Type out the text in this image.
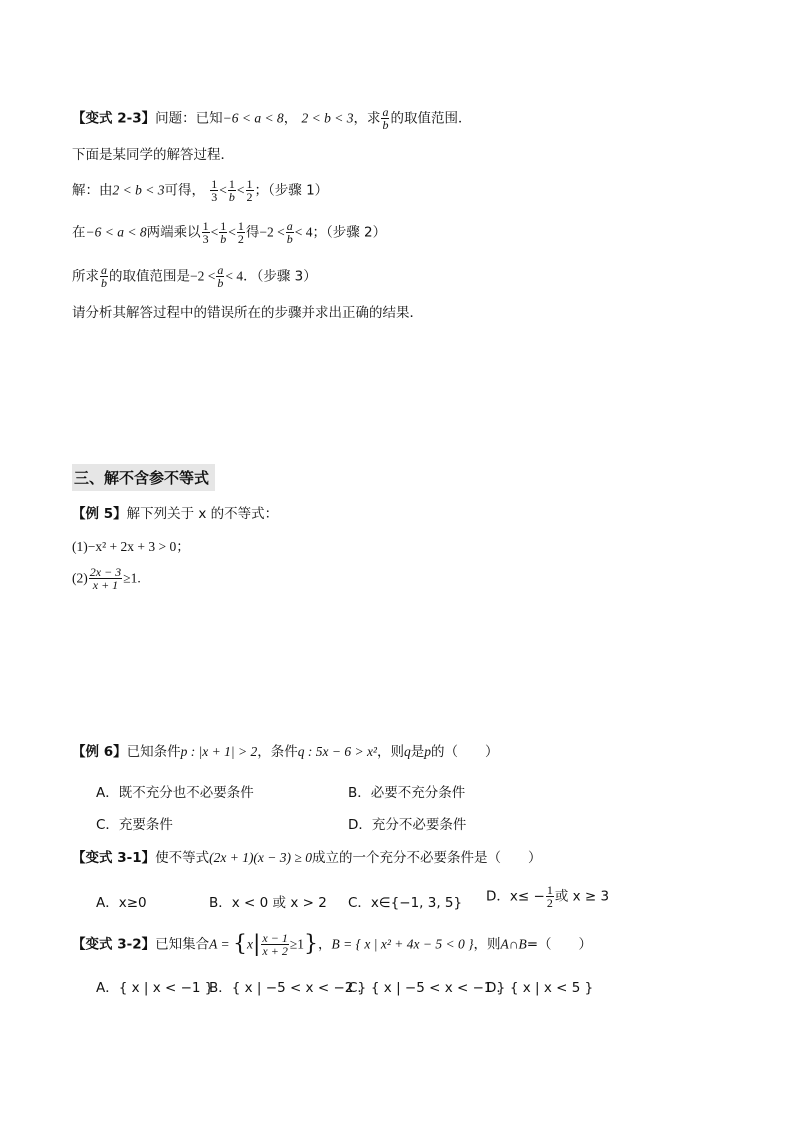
【变式 2-3】问题：已知−6 < a < 8， 2 < b < 3，求 $\frac{a}{b}$ 的取值范围．
下面是某同学的解答过程．
解：由2 < b < 3可得， $\frac{1}{3} < \frac{1}{b} < \frac{1}{2}$ ；（步骤 1）
在−6 < a < 8两端乘以 $\frac{1}{3} < \frac{1}{b} < \frac{1}{2}$ 得$-2 < \frac{a}{b} < 4$；（步骤 2）
所求 $\frac{a}{b}$ 的取值范围是$-2 < \frac{a}{b} < 4$．（步骤 3）
请分析其解答过程中的错误所在的步骤并求出正确的结果．
三、解不含参不等式
【例 5】解下列关于 x 的不等式：
(1)−x² + 2x + 3 > 0；
$(2) \frac{2x - 3}{x + 1} \ge 1$.
【例 6】已知条件p : |x + 1| > 2，条件q : 5x − 6 > x²，则q是p的（　　）
A．既不充分也不必要条件	B．必要不充分条件
C．充要条件	D．充分不必要条件
【变式 3-1】使不等式(2x + 1)(x − 3) ≥ 0成立的一个充分不必要条件是（　　）
A．x≥0	B．x < 0 或 x > 2 C．x∈{−1, 3, 5} D．$x\le - \frac{1}{2}$ 或 x ≥ 3
【变式 3-2】已知集合$A = \{x| \frac{x - 1}{x + 2} \ge 1\}$，B = { x | x² + 4x − 5 < 0 }，则A∩B=（　　）
A．{ x | x < −1 }
B．{ x | −5 < x < −2 }
C．{ x | −5 < x < −1 }
D．{ x | x < 5 }
